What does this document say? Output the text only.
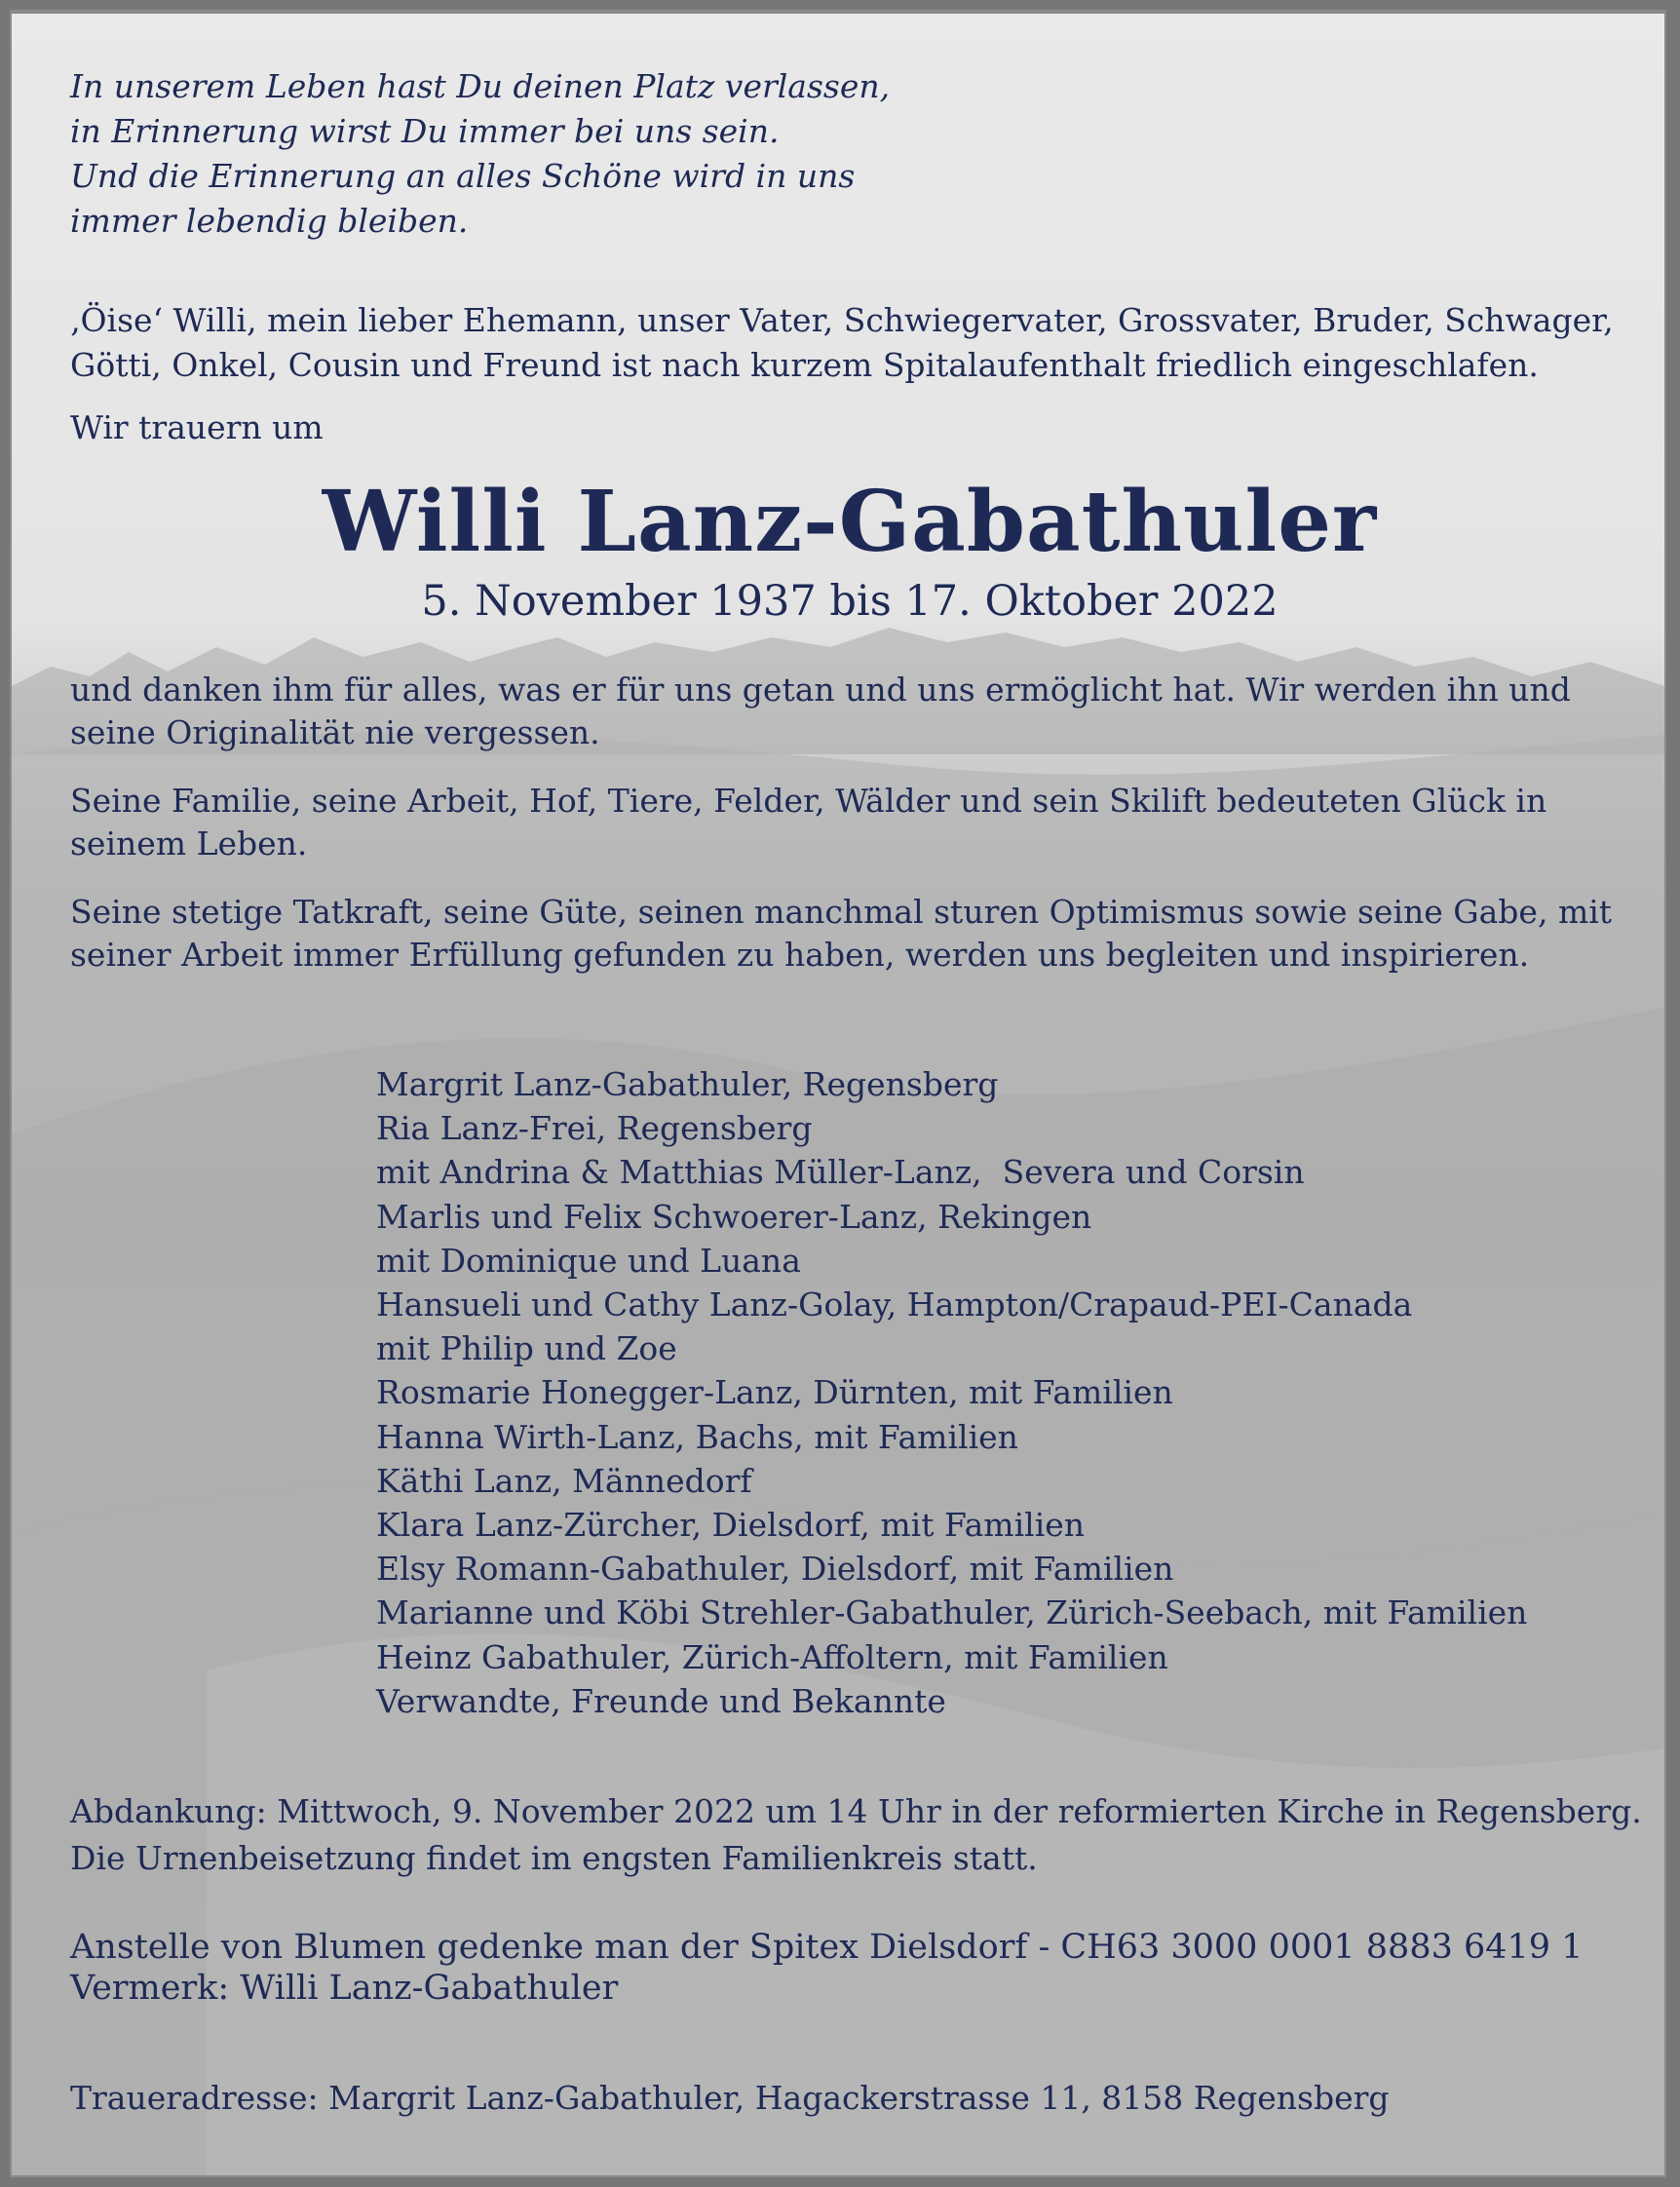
In unserem Leben hast Du deinen Platz verlassen,
in Erinnerung wirst Du immer bei uns sein.
Und die Erinnerung an alles Schöne wird in uns
immer lebendig bleiben.

‚Öise‘ Willi, mein lieber Ehemann, unser Vater, Schwiegervater, Grossvater, Bruder, Schwager, Götti, Onkel, Cousin und Freund ist nach kurzem Spitalaufenthalt friedlich eingeschlafen.

Wir trauern um

Willi Lanz-Gabathuler
5. November 1937 bis 17. Oktober 2022

und danken ihm für alles, was er für uns getan und uns ermöglicht hat. Wir werden ihn und seine Originalität nie vergessen.

Seine Familie, seine Arbeit, Hof, Tiere, Felder, Wälder und sein Skilift bedeuteten Glück in seinem Leben.

Seine stetige Tatkraft, seine Güte, seinen manchmal sturen Optimismus sowie seine Gabe, mit seiner Arbeit immer Erfüllung gefunden zu haben, werden uns begleiten und inspirieren.

Margrit Lanz-Gabathuler, Regensberg
Ria Lanz-Frei, Regensberg
mit Andrina & Matthias Müller-Lanz,  Severa und Corsin
Marlis und Felix Schwoerer-Lanz, Rekingen
mit Dominique und Luana
Hansueli und Cathy Lanz-Golay, Hampton/Crapaud-PEI-Canada
mit Philip und Zoe
Rosmarie Honegger-Lanz, Dürnten, mit Familien
Hanna Wirth-Lanz, Bachs, mit Familien
Käthi Lanz, Männedorf
Klara Lanz-Zürcher, Dielsdorf, mit Familien
Elsy Romann-Gabathuler, Dielsdorf, mit Familien
Marianne und Köbi Strehler-Gabathuler, Zürich-Seebach, mit Familien
Heinz Gabathuler, Zürich-Affoltern, mit Familien
Verwandte, Freunde und Bekannte
Abdankung: Mittwoch, 9. November 2022 um 14 Uhr in der reformierten Kirche in Regensberg.
Die Urnenbeisetzung findet im engsten Familienkreis statt.
Anstelle von Blumen gedenke man der Spitex Dielsdorf - CH63 3000 0001 8883 6419 1
Vermerk: Willi Lanz-Gabathuler
Traueradresse: Margrit Lanz-Gabathuler, Hagackerstrasse 11, 8158 Regensberg
